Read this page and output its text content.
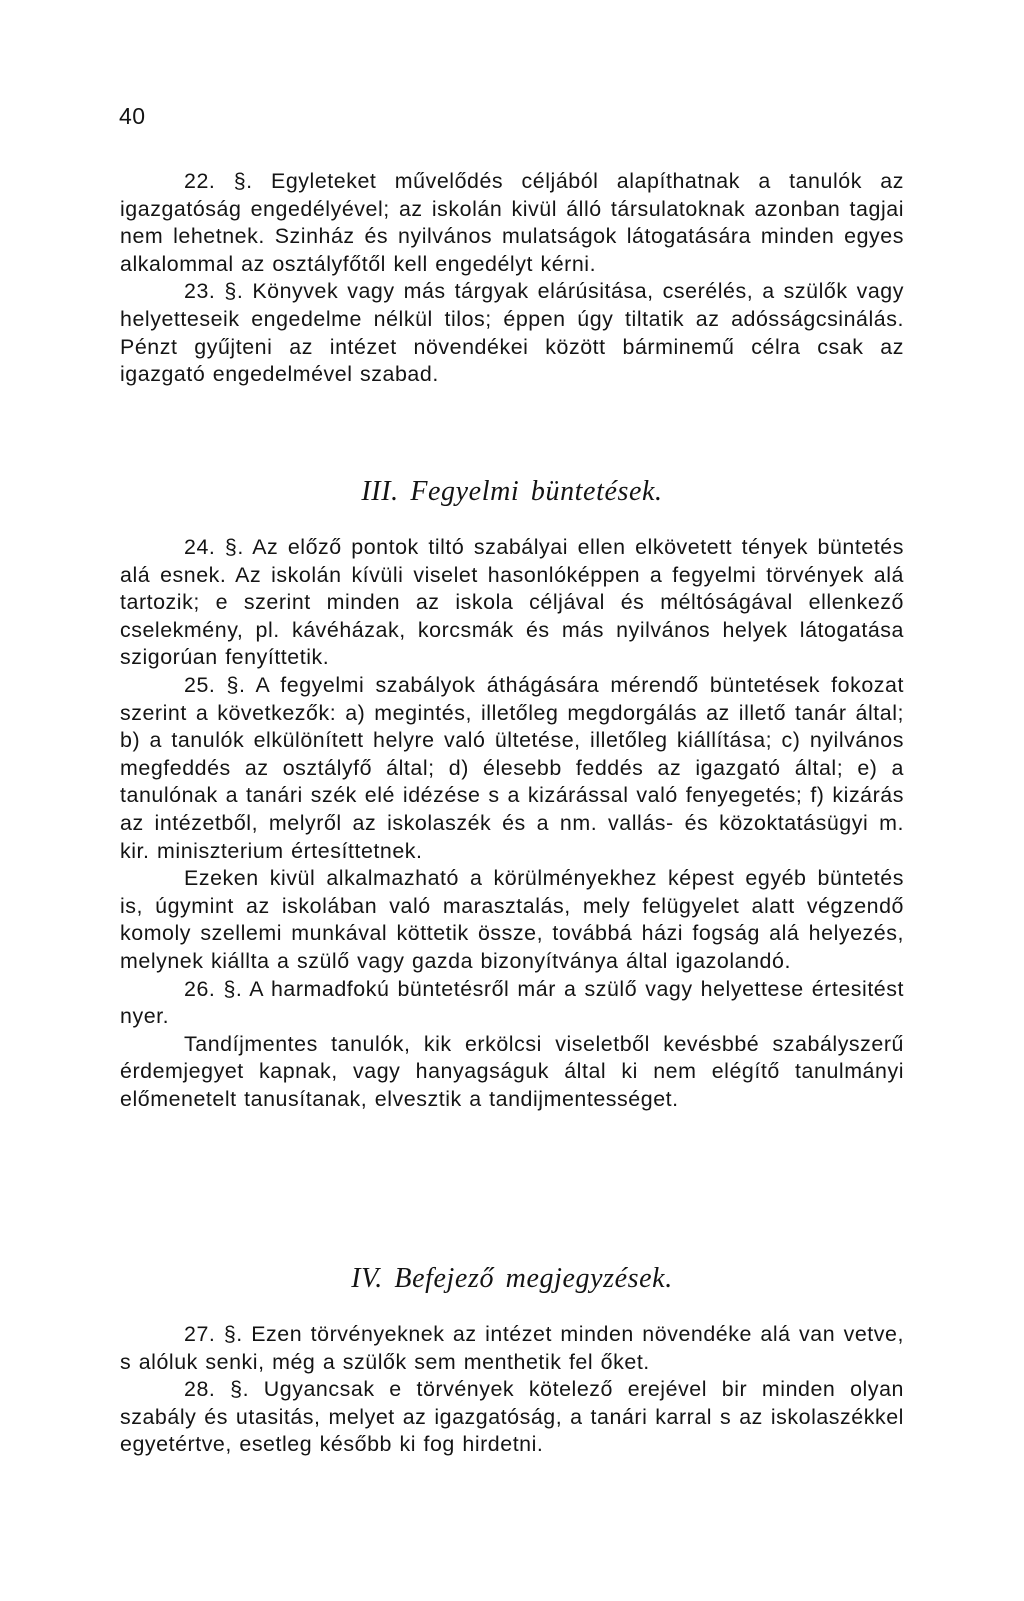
40

22. §. Egyleteket művelődés céljából alapíthatnak a tanulók az igazgatóság engedélyével; az iskolán kivül álló társulatoknak azonban tagjai nem lehetnek. Szinház és nyilvános mulatságok látogatására minden egyes alkalommal az osztályfőtől kell engedélyt kérni.

23. §. Könyvek vagy más tárgyak elárúsitása, cserélés, a szülők vagy helyetteseik engedelme nélkül tilos; éppen úgy tiltatik az adósságcsinálás. Pénzt gyűjteni az intézet növendékei között bárminemű célra csak az igazgató engedelmével szabad.

III. Fegyelmi büntetések.

24. §. Az előző pontok tiltó szabályai ellen elkövetett tények büntetés alá esnek. Az iskolán kívüli viselet hasonlóképpen a fegyelmi törvények alá tartozik; e szerint minden az iskola céljával és méltóságával ellenkező cselekmény, pl. kávéházak, korcsmák és más nyilvános helyek látogatása szigorúan fenyíttetik.

25. §. A fegyelmi szabályok áthágására mérendő büntetések fokozat szerint a következők: a) megintés, illetőleg megdorgálás az illető tanár által; b) a tanulók elkülönített helyre való ültetése, illetőleg kiállítása; c) nyilvános megfeddés az osztályfő által; d) élesebb feddés az igazgató által; e) a tanulónak a tanári szék elé idézése s a kizárással való fenyegetés; f) kizárás az intézetből, melyről az iskolaszék és a nm. vallás- és közoktatásügyi m. kir. miniszterium értesíttetnek.

Ezeken kivül alkalmazható a körülményekhez képest egyéb büntetés is, úgymint az iskolában való marasztalás, mely felügyelet alatt végzendő komoly szellemi munkával köttetik össze, továbbá házi fogság alá helyezés, melynek kiállta a szülő vagy gazda bizonyítványa által igazolandó.

26. §. A harmadfokú büntetésről már a szülő vagy helyettese értesitést nyer.

Tandíjmentes tanulók, kik erkölcsi viseletből kevésbbé szabályszerű érdemjegyet kapnak, vagy hanyagságuk által ki nem elégítő tanulmányi előmenetelt tanusítanak, elvesztik a tandijmentességet.

IV. Befejező megjegyzések.

27. §. Ezen törvényeknek az intézet minden növendéke alá van vetve, s alóluk senki, még a szülők sem menthetik fel őket.

28. §. Ugyancsak e törvények kötelező erejével bir minden olyan szabály és utasitás, melyet az igazgatóság, a tanári karral s az iskolaszékkel egyetértve, esetleg később ki fog hirdetni.
